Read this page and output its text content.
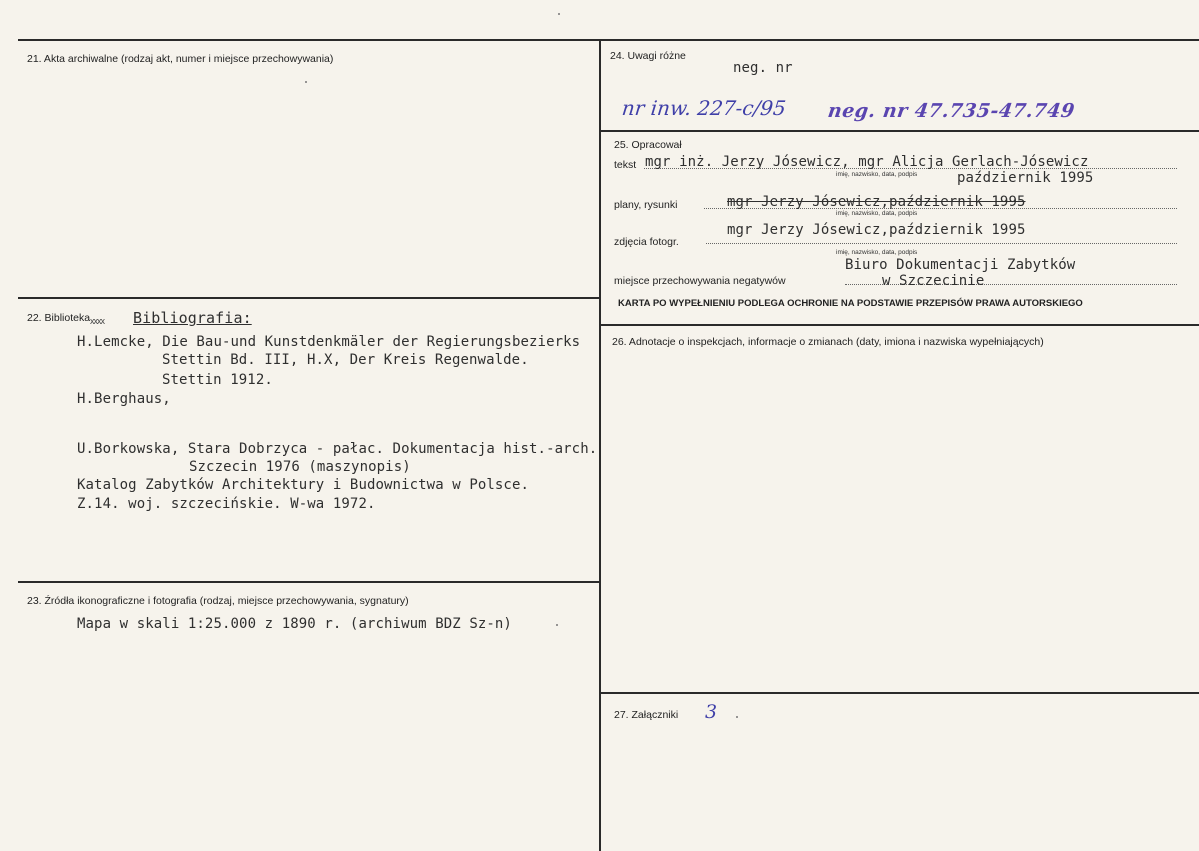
21. Akta archiwalne (rodzaj akt, numer i miejsce przechowywania)
22. Biblioteka xxxx Bibliografia:
H.Lemcke, Die Bau-und Kunstdenkmäler der Regierungsbezierks
Stettin Bd. III, H.X, Der Kreis Regenwalde.
Stettin 1912.
H.Berghaus,
U.Borkowska, Stara Dobrzyca - pałac. Dokumentacja hist.-arch.
Szczecin 1976 (maszynopis)
Katalog Zabytków Architektury i Budownictwa w Polsce.
Z.14. woj. szczecińskie. W-wa 1972.
23. Źródła ikonograficzne i fotografia (rodzaj, miejsce przechowywania, sygnatury)
Mapa w skali 1:25.000 z 1890 r. (archiwum BDZ Sz-n)
24. Uwagi różne
neg. nr
nr inw. 227-c/95 neg. nr 47.735-47.749
25. Opracował
tekst mgr inż. Jerzy Jósewicz, mgr Alicja Gerlach-Jósewicz
imię, nazwisko, data, podpis	październik 1995
plany, rysunki	mgr Jerzy Jósewicz,październik 1995
imię, nazwisko, data, podpis
zdjęcia fotogr.
mgr Jerzy Jósewicz,październik 1995
imię, nazwisko, data, podpis
miejsce przechowywania negatywów
Biuro Dokumentacji Zabytków
w Szczecinie
KARTA PO WYPEŁNIENIU PODLEGA OCHRONIE NA PODSTAWIE PRZEPISÓW PRAWA AUTORSKIEGO
26. Adnotacje o inspekcjach, informacje o zmianach (daty, imiona i nazwiska wypełniających)
27. Załączniki 3
